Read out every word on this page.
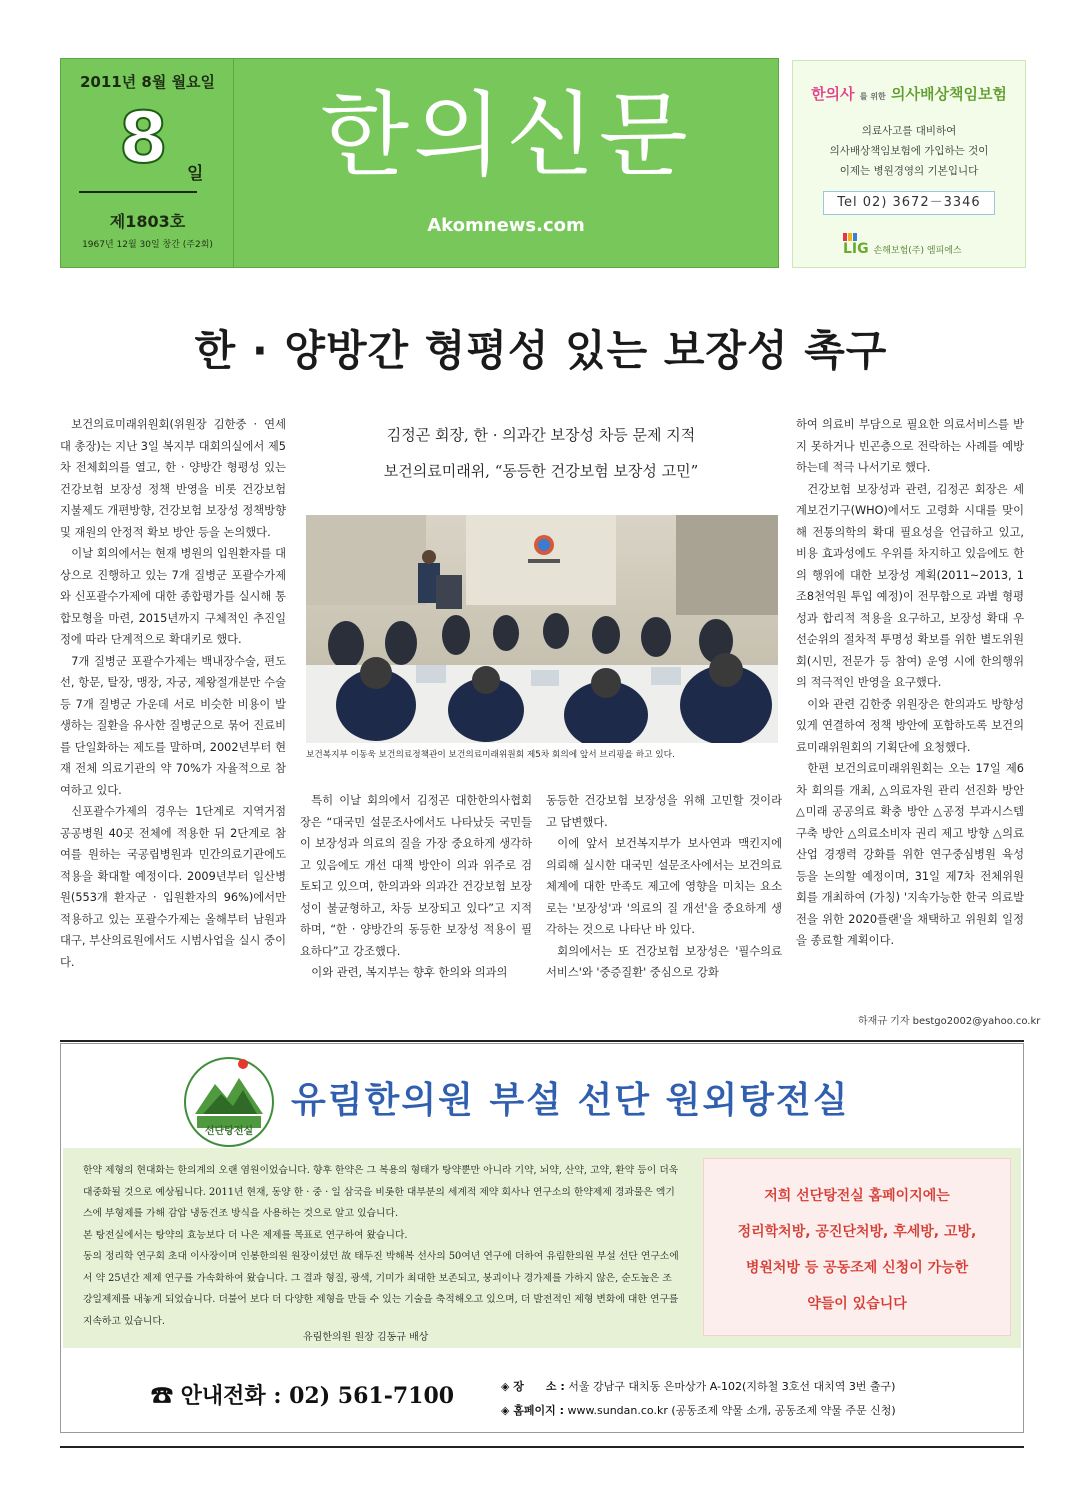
2011년 8월 월요일
8 일
제1803호
1967년 12월 30일 창간 (주2회)
한의신문
Akomnews.com
한의사 를 위한 의사배상책임보험
의료사고를 대비하여
의사배상책임보험에 가입하는 것이
이제는 병원경영의 기본입니다
Tel 02) 3672－3346
LIG 손해보험(주) 엠피에스
한 · 양방간 형평성 있는 보장성 촉구

보건의료미래위원회(위원장 김한중 · 연세대 총장)는 지난 3일 복지부 대회의실에서 제5차 전체회의를 열고, 한 · 양방간 형평성 있는 건강보험 보장성 정책 반영을 비롯 건강보험 지불제도 개편방향, 건강보험 보장성 정책방향 및 재원의 안정적 확보 방안 등을 논의했다.

이날 회의에서는 현재 병원의 입원환자를 대상으로 진행하고 있는 7개 질병군 포괄수가제와 신포괄수가제에 대한 종합평가를 실시해 통합모형을 마련, 2015년까지 구체적인 추진일정에 따라 단계적으로 확대키로 했다.

7개 질병군 포괄수가제는 백내장수술, 편도선, 항문, 탈장, 맹장, 자궁, 제왕절개분만 수술 등 7개 질병군 가운데 서로 비슷한 비용이 발생하는 질환을 유사한 질병군으로 묶어 진료비를 단일화하는 제도를 말하며, 2002년부터 현재 전체 의료기관의 약 70%가 자율적으로 참여하고 있다.

신포괄수가제의 경우는 1단계로 지역거점 공공병원 40곳 전체에 적용한 뒤 2단계로 참여를 원하는 국공립병원과 민간의료기관에도 적용을 확대할 예정이다. 2009년부터 일산병원(553개 환자군 · 입원환자의 96%)에서만 적용하고 있는 포괄수가제는 올해부터 남원과 대구, 부산의료원에서도 시범사업을 실시 중이다.

김정곤 회장, 한 · 의과간 보장성 차등 문제 지적
보건의료미래위, “동등한 건강보험 보장성 고민”
보건복지부 이동욱 보건의료정책관이 보건의료미래위원회 제5차 회의에 앞서 브리핑을 하고 있다.

특히 이날 회의에서 김정곤 대한한의사협회장은 “대국민 설문조사에서도 나타났듯 국민들이 보장성과 의료의 질을 가장 중요하게 생각하고 있음에도 개선 대책 방안이 의과 위주로 검토되고 있으며, 한의과와 의과간 건강보험 보장성이 불균형하고, 차등 보장되고 있다”고 지적하며, “한 · 양방간의 동등한 보장성 적용이 필요하다”고 강조했다.

이와 관련, 복지부는 향후 한의와 의과의

동등한 건강보험 보장성을 위해 고민할 것이라고 답변했다.

이에 앞서 보건복지부가 보사연과 맥킨지에 의뢰해 실시한 대국민 설문조사에서는 보건의료체계에 대한 만족도 제고에 영향을 미치는 요소로는 '보장성'과 '의료의 질 개선'을 중요하게 생각하는 것으로 나타난 바 있다.

회의에서는 또 건강보험 보장성은 '필수의료서비스'와 '중증질환' 중심으로 강화

하여 의료비 부담으로 필요한 의료서비스를 받지 못하거나 빈곤층으로 전락하는 사례를 예방하는데 적극 나서기로 했다.

건강보험 보장성과 관련, 김정곤 회장은 세계보건기구(WHO)에서도 고령화 시대를 맞이해 전통의학의 확대 필요성을 언급하고 있고, 비용 효과성에도 우위를 차지하고 있음에도 한의 행위에 대한 보장성 계획(2011~2013, 1조8천억원 투입 예정)이 전무함으로 과별 형평성과 합리적 적용을 요구하고, 보장성 확대 우선순위의 절차적 투명성 확보를 위한 별도위원회(시민, 전문가 등 참여) 운영 시에 한의행위의 적극적인 반영을 요구했다.

이와 관련 김한중 위원장은 한의과도 방향성있게 연결하여 정책 방안에 포함하도록 보건의료미래위원회의 기획단에 요청했다.

한편 보건의료미래위원회는 오는 17일 제6차 회의를 개최, △의료자원 관리 선진화 방안 △미래 공공의료 확충 방안 △공정 부과시스템 구축 방안 △의료소비자 권리 제고 방향 △의료산업 경쟁력 강화를 위한 연구중심병원 육성 등을 논의할 예정이며, 31일 제7차 전체위원회를 개최하여 (가칭) '지속가능한 한국 의료발전을 위한 2020플랜'을 채택하고 위원회 일정을 종료할 계획이다.

하재규 기자 bestgo2002@yahoo.co.kr
선단탕전실
유림한의원 부설 선단 원외탕전실

한약 제형의 현대화는 한의계의 오랜 염원이었습니다. 향후 한약은 그 복용의 형태가 탕약뿐만 아니라 기약, 뇌약, 산약, 고약, 환약 등이 더욱 대중화될 것으로 예상됩니다. 2011년 현재, 동양 한 · 중 · 일 삼국을 비롯한 대부분의 세계적 제약 회사나 연구소의 한약제제 경과물은 엑기스에 부형제를 가해 감압 냉동건조 방식을 사용하는 것으로 알고 있습니다.

본 탕전실에서는 탕약의 효능보다 더 나은 제제를 목표로 연구하여 왔습니다.

동의 정리학 연구회 초대 이사장이며 인봉한의원 원장이셨던 故 태두진 박해복 선사의 50여년 연구에 더하여 유림한의원 부설 선단 연구소에서 약 25년간 제제 연구를 가속화하여 왔습니다. 그 결과 형질, 광색, 기미가 최대한 보존되고, 붕괴이나 경가제를 가하지 않은, 순도높은 조강일제제를 내놓게 되었습니다. 더불어 보다 더 다양한 제형을 만들 수 있는 기술을 축적해오고 있으며, 더 발전적인 제형 변화에 대한 연구를 지속하고 있습니다.

유림한의원 원장 김동규 배상
저희 선단탕전실 홈페이지에는
정리학처방, 공진단처방, 후세방, 고방,
병원처방 등 공동조제 신청이 가능한
약들이 있습니다
☎ 안내전화 : 02) 561-7100	◈ 장　　소 : 서울 강남구 대치동 은마상가 A-102(지하철 3호선 대치역 3번 출구)
◈ 홈페이지 : www.sundan.co.kr (공동조제 약물 소개, 공동조제 약물 주문 신청)
